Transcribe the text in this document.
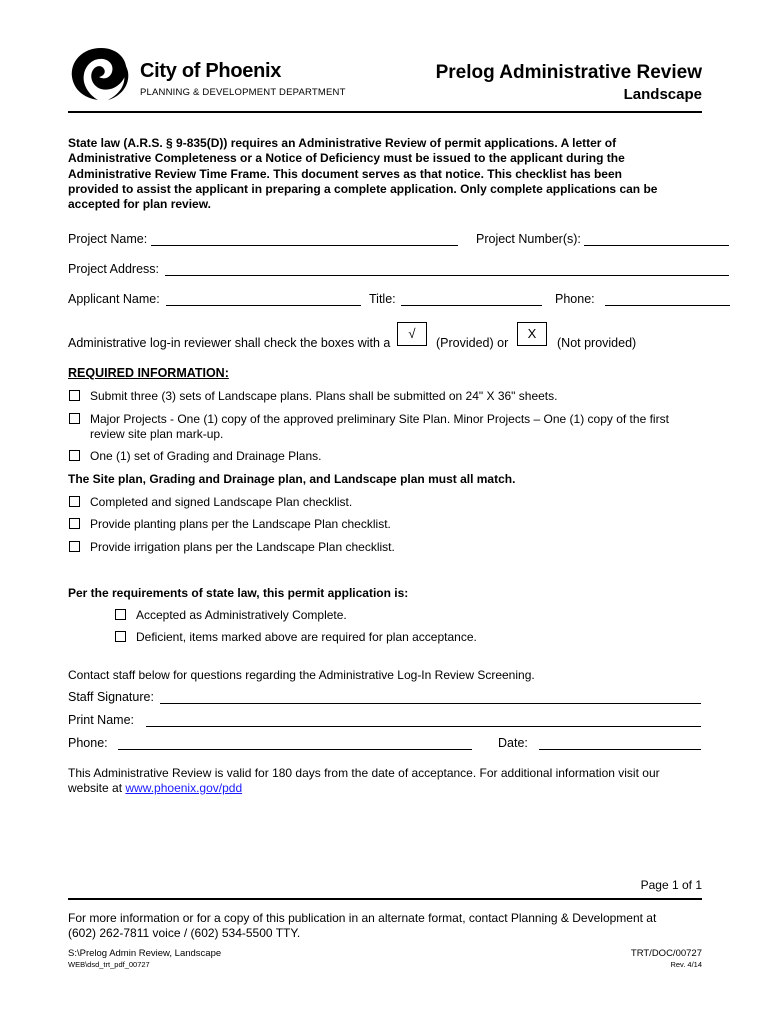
City of Phoenix
PLANNING & DEVELOPMENT DEPARTMENT
Prelog Administrative Review
Landscape
State law (A.R.S. § 9-835(D)) requires an Administrative Review of permit applications. A letter of
Administrative Completeness or a Notice of Deficiency must be issued to the applicant during the
Administrative Review Time Frame. This document serves as that notice. This checklist has been
provided to assist the applicant in preparing a complete application. Only complete applications can be
accepted for plan review.
Project Name:	Project Number(s):
Project Address:
Applicant Name:	Title:	Phone:
Administrative log-in reviewer shall check the boxes with a
√
(Provided) or
X
(Not provided)
REQUIRED INFORMATION:
Submit three (3) sets of Landscape plans. Plans shall be submitted on 24" X 36" sheets.
Major Projects - One (1) copy of the approved preliminary Site Plan. Minor Projects – One (1) copy of the first
review site plan mark-up.
One (1) set of Grading and Drainage Plans.
The Site plan, Grading and Drainage plan, and Landscape plan must all match.
Completed and signed Landscape Plan checklist.
Provide planting plans per the Landscape Plan checklist.
Provide irrigation plans per the Landscape Plan checklist.
Per the requirements of state law, this permit application is:
Accepted as Administratively Complete.
Deficient, items marked above are required for plan acceptance.
Contact staff below for questions regarding the Administrative Log-In Review Screening.
Staff Signature:
Print Name:
Phone:	Date:
This Administrative Review is valid for 180 days from the date of acceptance. For additional information visit our
website at www.phoenix.gov/pdd
Page 1 of 1
For more information or for a copy of this publication in an alternate format, contact Planning & Development at
(602) 262-7811 voice / (602) 534-5500 TTY.
S:\Prelog Admin Review, Landscape
WEB\dsd_trt_pdf_00727
TRT/DOC/00727
Rev. 4/14
